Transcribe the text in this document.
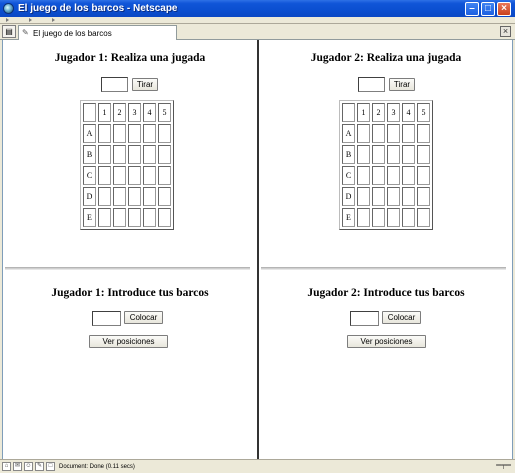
El juego de los barcos - Netscape	–	□	×
▤	✎ El juego de los barcos	×
Jugador 1: Realiza una jugada
Tirar
	1	2	3	4	5
A					
B					
C					
D					
E					
Jugador 1: Introduce tus barcos
Colocar
Ver posiciones
Jugador 2: Realiza una jugada
Tirar
	1	2	3	4	5
A					
B					
C					
D					
E					
Jugador 2: Introduce tus barcos
Colocar
Ver posiciones
⌂	✉ ☺ ✎	□	Document: Done (0.11 secs)	═╤═
